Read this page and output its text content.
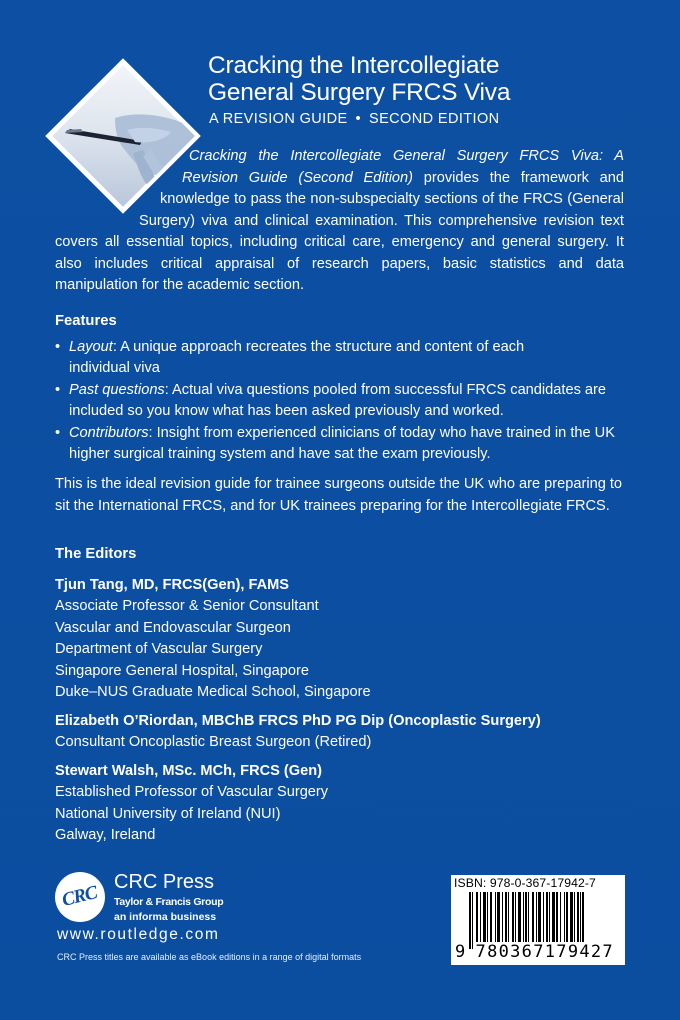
Cracking the Intercollegiate
General Surgery FRCS Viva
A REVISION GUIDE • SECOND EDITION
Cracking the Intercollegiate General Surgery FRCS Viva: A
Revision Guide (Second Edition) provides the framework and
knowledge to pass the non-subspecialty sections of the FRCS (General
Surgery) viva and clinical examination. This comprehensive revision text
covers all essential topics, including critical care, emergency and general surgery. It
also includes critical appraisal of research papers, basic statistics and data
manipulation for the academic section.
Features
• Layout: A unique approach recreates the structure and content of each individual viva
• Past questions: Actual viva questions pooled from successful FRCS candidates are included so you know what has been asked previously and worked.
• Contributors: Insight from experienced clinicians of today who have trained in the UK higher surgical training system and have sat the exam previously.
This is the ideal revision guide for trainee surgeons outside the UK who are preparing to sit the International FRCS, and for UK trainees preparing for the Intercollegiate FRCS.
The Editors
Tjun Tang, MD, FRCS(Gen), FAMS
Associate Professor & Senior Consultant
Vascular and Endovascular Surgeon
Department of Vascular Surgery
Singapore General Hospital, Singapore
Duke–NUS Graduate Medical School, Singapore
Elizabeth O’Riordan, MBChB FRCS PhD PG Dip (Oncoplastic Surgery)
Consultant Oncoplastic Breast Surgeon (Retired)
Stewart Walsh, MSc. MCh, FRCS (Gen)
Established Professor of Vascular Surgery
National University of Ireland (NUI)
Galway, Ireland
CRC
CRC Press
Taylor & Francis Group
an informa business
www.routledge.com
CRC Press titles are available as eBook editions in a range of digital formats
ISBN: 978-0-367-17942-7
9 780367179427
